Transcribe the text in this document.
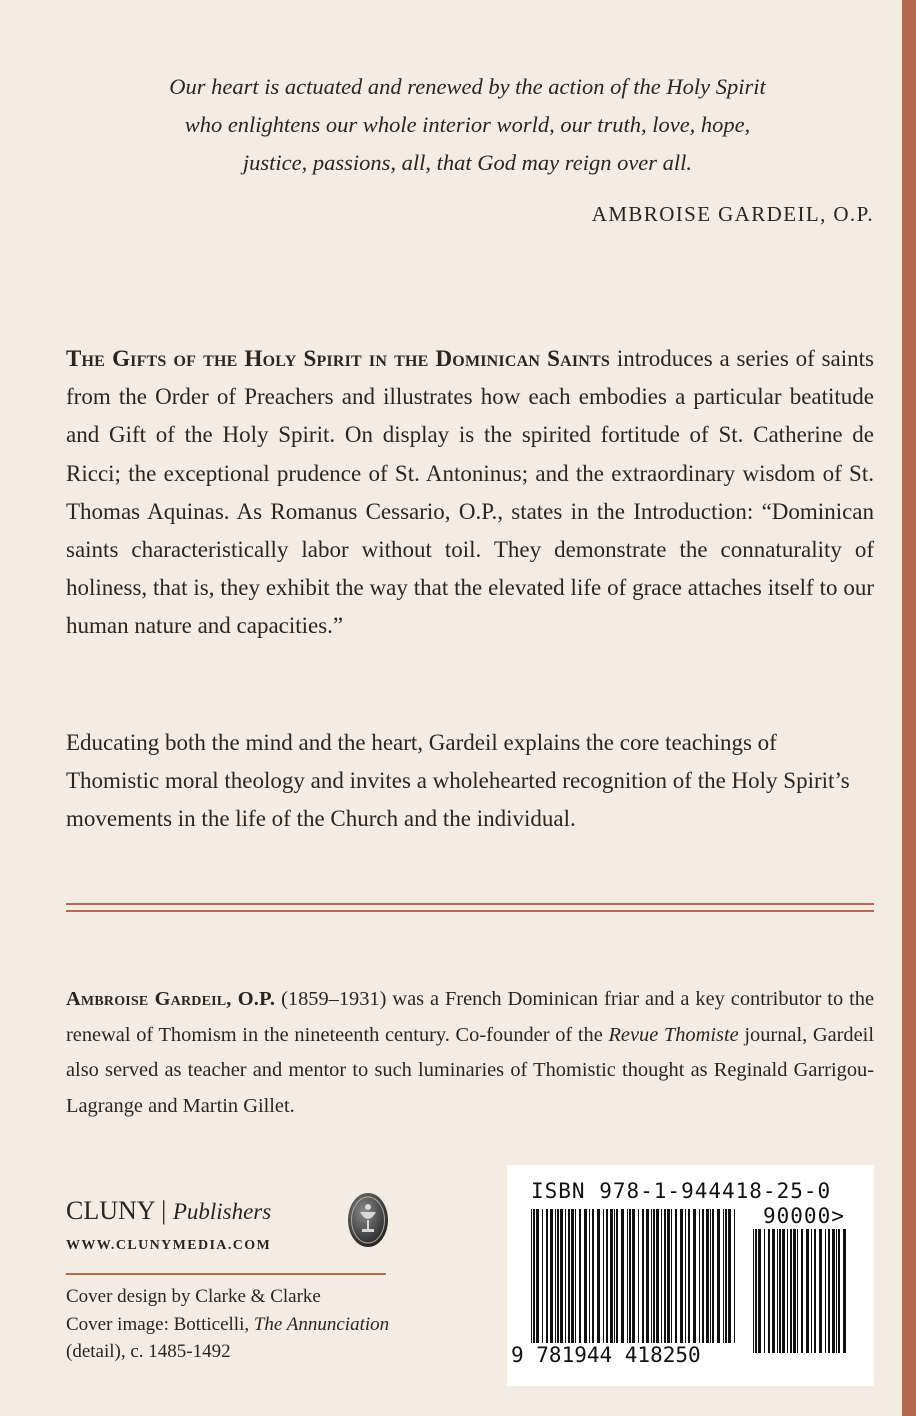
Our heart is actuated and renewed by the action of the Holy Spirit
who enlightens our whole interior world, our truth, love, hope,
justice, passions, all, that God may reign over all.
AMBROISE GARDEIL, O.P.
The Gifts of the Holy Spirit in the Dominican Saints introduces a series of saints from the Order of Preachers and illustrates how each embodies a particular beatitude and Gift of the Holy Spirit. On display is the spirited fortitude of St. Catherine de Ricci; the exceptional prudence of St. Antoninus; and the extraordinary wisdom of St. Thomas Aquinas. As Romanus Cessario, O.P., states in the Introduction: “Dominican saints characteristically labor without toil. They demonstrate the connaturality of holiness, that is, they exhibit the way that the elevated life of grace attaches itself to our human nature and capacities.”
Educating both the mind and the heart, Gardeil explains the core teachings of Thomistic moral theology and invites a wholehearted recognition of the Holy Spirit’s movements in the life of the Church and the individual.
Ambroise Gardeil, O.P. (1859–1931) was a French Dominican friar and a key contributor to the renewal of Thomism in the nineteenth century. Co-founder of the Revue Thomiste journal, Gardeil also served as teacher and mentor to such luminaries of Thomistic thought as Reginald Garrigou-Lagrange and Martin Gillet.
CLUNY | Publishers
WWW.CLUNYMEDIA.COM
Cover design by Clarke & Clarke
Cover image: Botticelli, The Annunciation
(detail), c. 1485-1492
ISBN 978-1-944418-25-0
90000>
9 781944 418250
